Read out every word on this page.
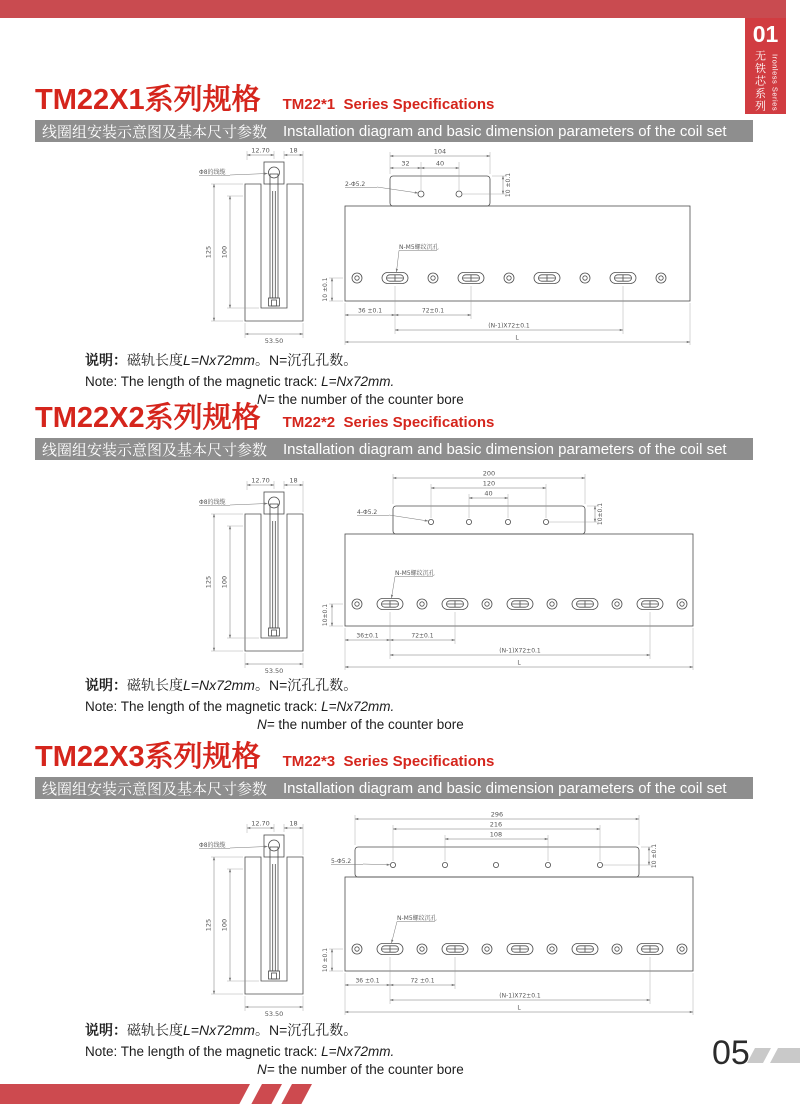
01
无铁芯系列 Ironless Series
TM22X1系列规格 TM22*1  Series Specifications
线圈组安装示意图及基本尺寸参数 Installation diagram and basic dimension parameters of the coil set
12.70	18
125 100
53.50
Φ8的线缆
104
32	40
10 ±0.1
2-Φ5.2
N-M5螺纹沉孔
10 ±0.1
36 ±0.1	72±0.1
(N-1)X72±0.1
L
说明：磁轨长度L=Nx72mm。N=沉孔孔数。
Note: The length of the magnetic track: L=Nx72mm.
N= the number of the counter bore
TM22X2系列规格 TM22*2  Series Specifications
线圈组安装示意图及基本尺寸参数 Installation diagram and basic dimension parameters of the coil set
12.70	18
125 100
53.50
Φ8的线缆
200
120
40
10±0.1
4-Φ5.2
N-M5螺纹沉孔
10±0.1
36±0.1	72±0.1
(N-1)X72±0.1
L
说明：磁轨长度L=Nx72mm。N=沉孔孔数。
Note: The length of the magnetic track: L=Nx72mm.
N= the number of the counter bore
TM22X3系列规格 TM22*3  Series Specifications
线圈组安装示意图及基本尺寸参数 Installation diagram and basic dimension parameters of the coil set
12.70	18
125 100
53.50
Φ8的线缆
296
216
108
10 ±0.1
5-Φ5.2
N-M5螺纹沉孔
10 ±0.1
36 ±0.1	72 ±0.1
(N-1)X72±0.1
L
说明：磁轨长度L=Nx72mm。N=沉孔孔数。
Note: The length of the magnetic track: L=Nx72mm.
N= the number of the counter bore	05
